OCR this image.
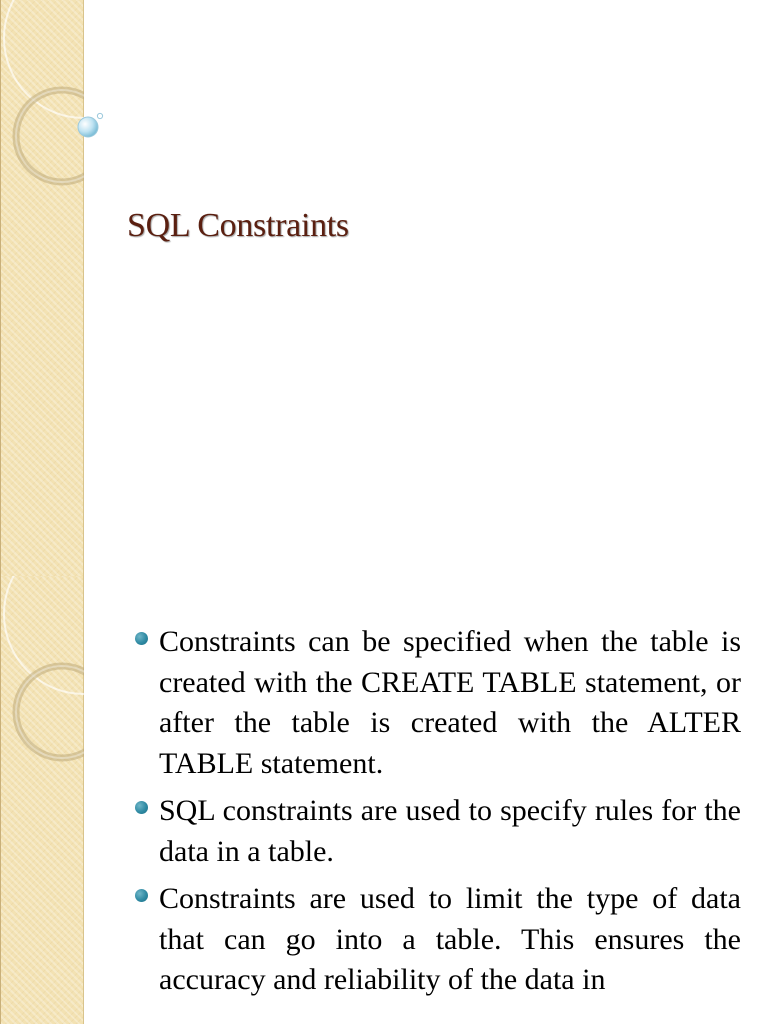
SQL Constraints
Constraints can be specified when the table is created with the CREATE TABLE statement, or after the table is created with the ALTER TABLE statement.
SQL constraints are used to specify rules for the data in a table.
Constraints are used to limit the type of data that can go into a table. This ensures the accuracy and reliability of the data in
